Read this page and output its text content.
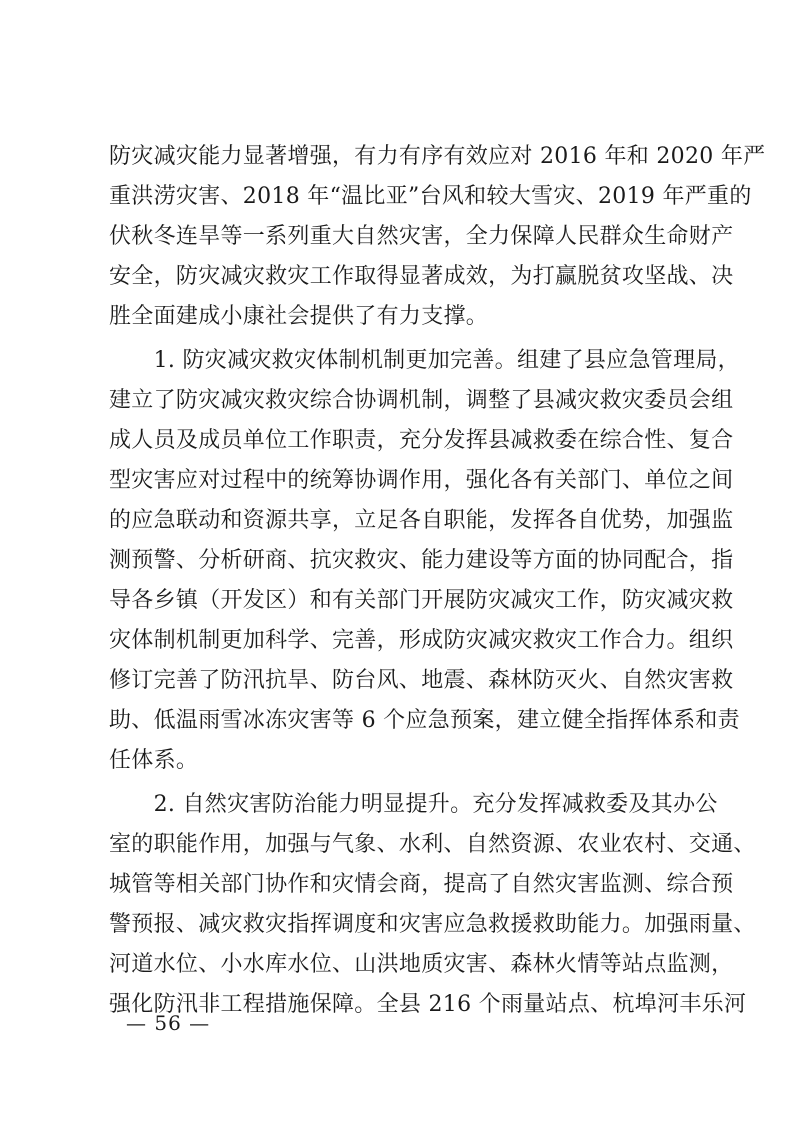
防灾减灾能力显著增强，有力有序有效应对 2016 年和 2020 年严
重洪涝灾害、2018 年“温比亚”台风和较大雪灾、2019 年严重的
伏秋冬连旱等一系列重大自然灾害，全力保障人民群众生命财产
安全，防灾减灾救灾工作取得显著成效，为打赢脱贫攻坚战、决
胜全面建成小康社会提供了有力支撑。

　　1. 防灾减灾救灾体制机制更加完善。组建了县应急管理局，
建立了防灾减灾救灾综合协调机制，调整了县减灾救灾委员会组
成人员及成员单位工作职责，充分发挥县减救委在综合性、复合
型灾害应对过程中的统筹协调作用，强化各有关部门、单位之间
的应急联动和资源共享，立足各自职能，发挥各自优势，加强监
测预警、分析研商、抗灾救灾、能力建设等方面的协同配合，指
导各乡镇（开发区）和有关部门开展防灾减灾工作，防灾减灾救
灾体制机制更加科学、完善，形成防灾减灾救灾工作合力。组织
修订完善了防汛抗旱、防台风、地震、森林防灭火、自然灾害救
助、低温雨雪冰冻灾害等 6 个应急预案，建立健全指挥体系和责
任体系。

　　2. 自然灾害防治能力明显提升。充分发挥减救委及其办公
室的职能作用，加强与气象、水利、自然资源、农业农村、交通、
城管等相关部门协作和灾情会商，提高了自然灾害监测、综合预
警预报、减灾救灾指挥调度和灾害应急救援救助能力。加强雨量、
河道水位、小水库水位、山洪地质灾害、森林火情等站点监测，
强化防汛非工程措施保障。全县 216 个雨量站点、杭埠河丰乐河

— 56 —
